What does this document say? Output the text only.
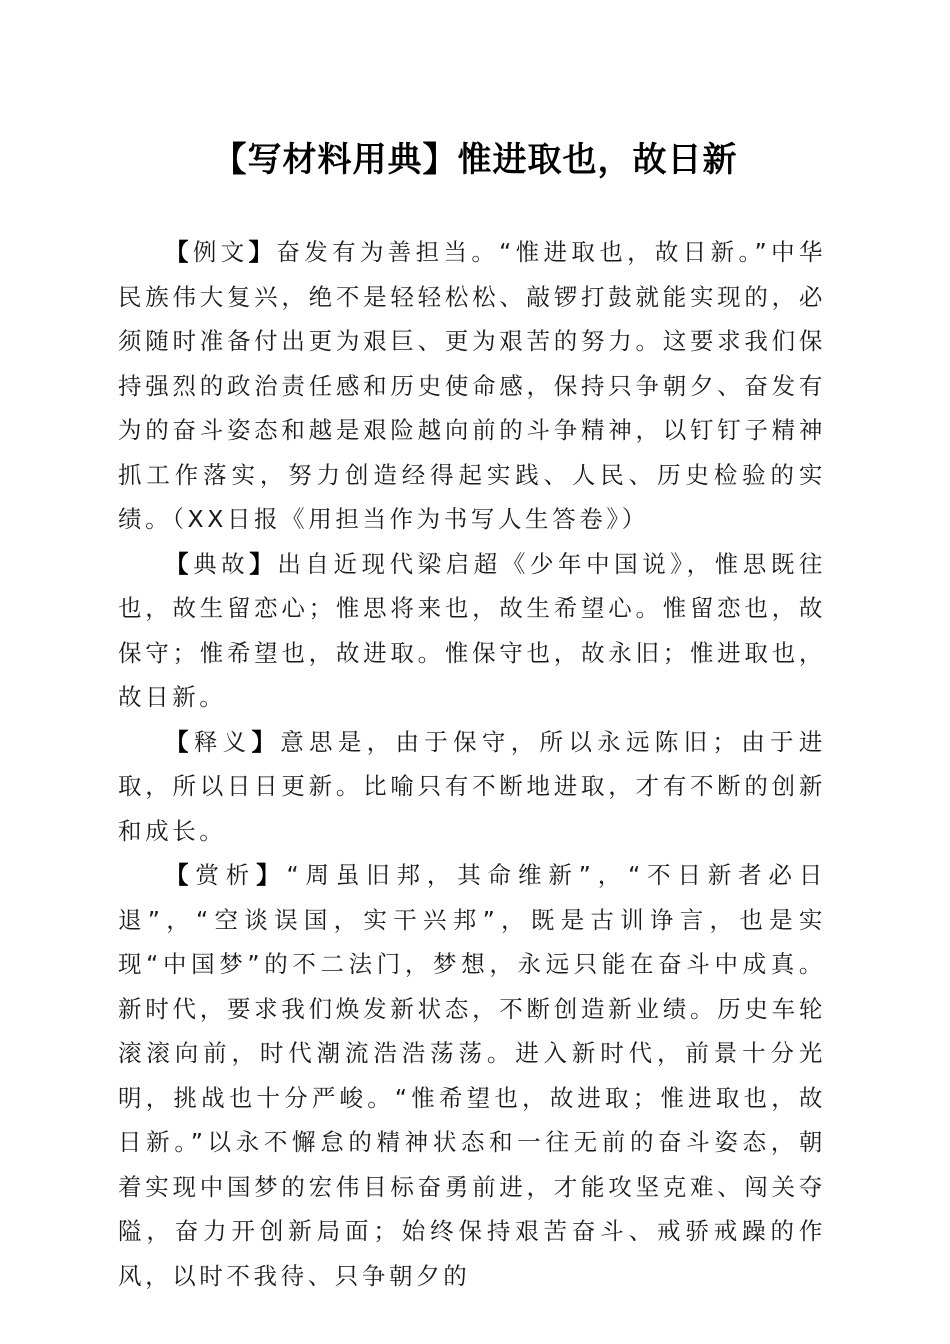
【写材料用典】惟进取也，故日新

【例文】奋发有为善担当。“惟进取也，故日新。”中华民族伟大复兴，绝不是轻轻松松、敲锣打鼓就能实现的，必须随时准备付出更为艰巨、更为艰苦的努力。这要求我们保持强烈的政治责任感和历史使命感，保持只争朝夕、奋发有为的奋斗姿态和越是艰险越向前的斗争精神，以钉钉子精神抓工作落实，努力创造经得起实践、人民、历史检验的实绩。（XX日报《用担当作为书写人生答卷》）

【典故】出自近现代梁启超《少年中国说》，惟思既往也，故生留恋心；惟思将来也，故生希望心。惟留恋也，故保守；惟希望也，故进取。惟保守也，故永旧；惟进取也，故日新。

【释义】意思是，由于保守，所以永远陈旧；由于进取，所以日日更新。比喻只有不断地进取，才有不断的创新和成长。

【赏析】“周虽旧邦，其命维新”，“不日新者必日退”，“空谈误国，实干兴邦”，既是古训诤言，也是实现“中国梦”的不二法门，梦想，永远只能在奋斗中成真。新时代，要求我们焕发新状态，不断创造新业绩。历史车轮滚滚向前，时代潮流浩浩荡荡。进入新时代，前景十分光明，挑战也十分严峻。“惟希望也，故进取；惟进取也，故日新。”以永不懈怠的精神状态和一往无前的奋斗姿态，朝着实现中国梦的宏伟目标奋勇前进，才能攻坚克难、闯关夺隘，奋力开创新局面；始终保持艰苦奋斗、戒骄戒躁的作风，以时不我待、只争朝夕的
